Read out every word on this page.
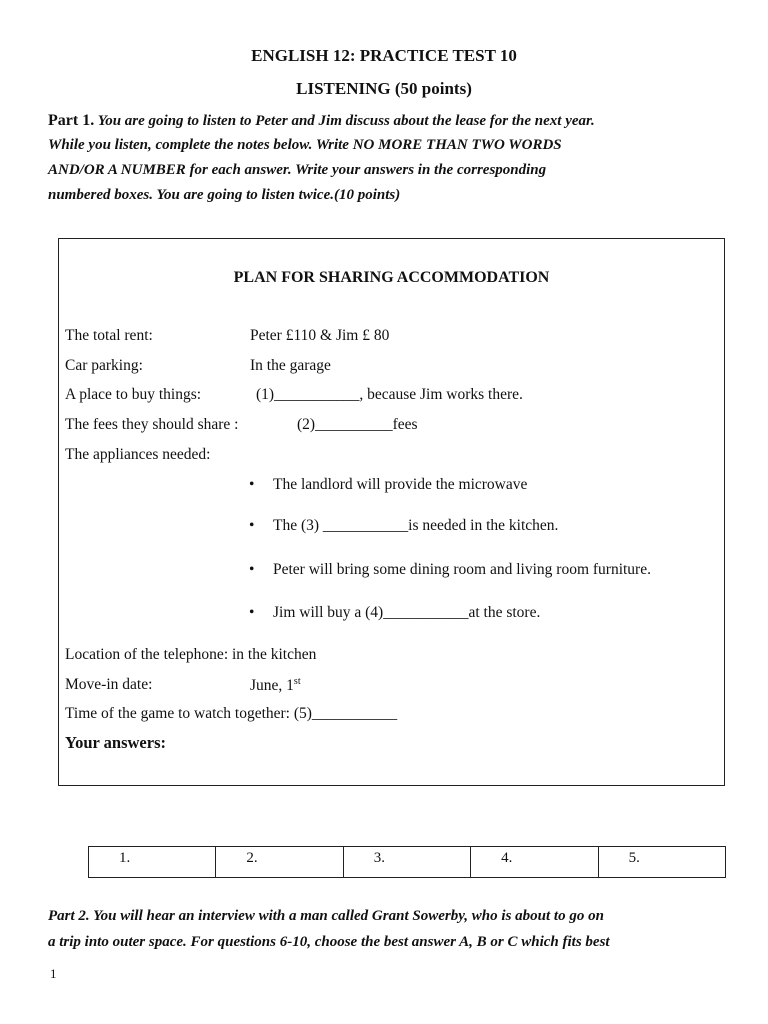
ENGLISH 12: PRACTICE TEST 10
LISTENING (50 points)
Part 1. You are going to listen to Peter and Jim discuss about the lease for the next year.
While you listen, complete the notes below. Write NO MORE THAN TWO WORDS
AND/OR A NUMBER for each answer. Write your answers in the corresponding
numbered boxes. You are going to listen twice.(10 points)
PLAN FOR SHARING ACCOMMODATION
The total rent:	Peter £110 & Jim £ 80
Car parking:	In the garage
A place to buy things:	(1)___________, because Jim works there.
The fees they should share :	(2)__________fees
The appliances needed:
• The landlord will provide the microwave
• The (3) ___________is needed in the kitchen.
• Peter will bring some dining room and living room furniture.
• Jim will buy a (4)___________at the store.
Location of the telephone: in the kitchen
Move-in date:	June, 1st
Time of the game to watch together: (5)___________
Your answers:
1.	2.	3.	4.	5.
Part 2. You will hear an interview with a man called Grant Sowerby, who is about to go on
a trip into outer space. For questions 6-10, choose the best answer A, B or C which fits best
1
